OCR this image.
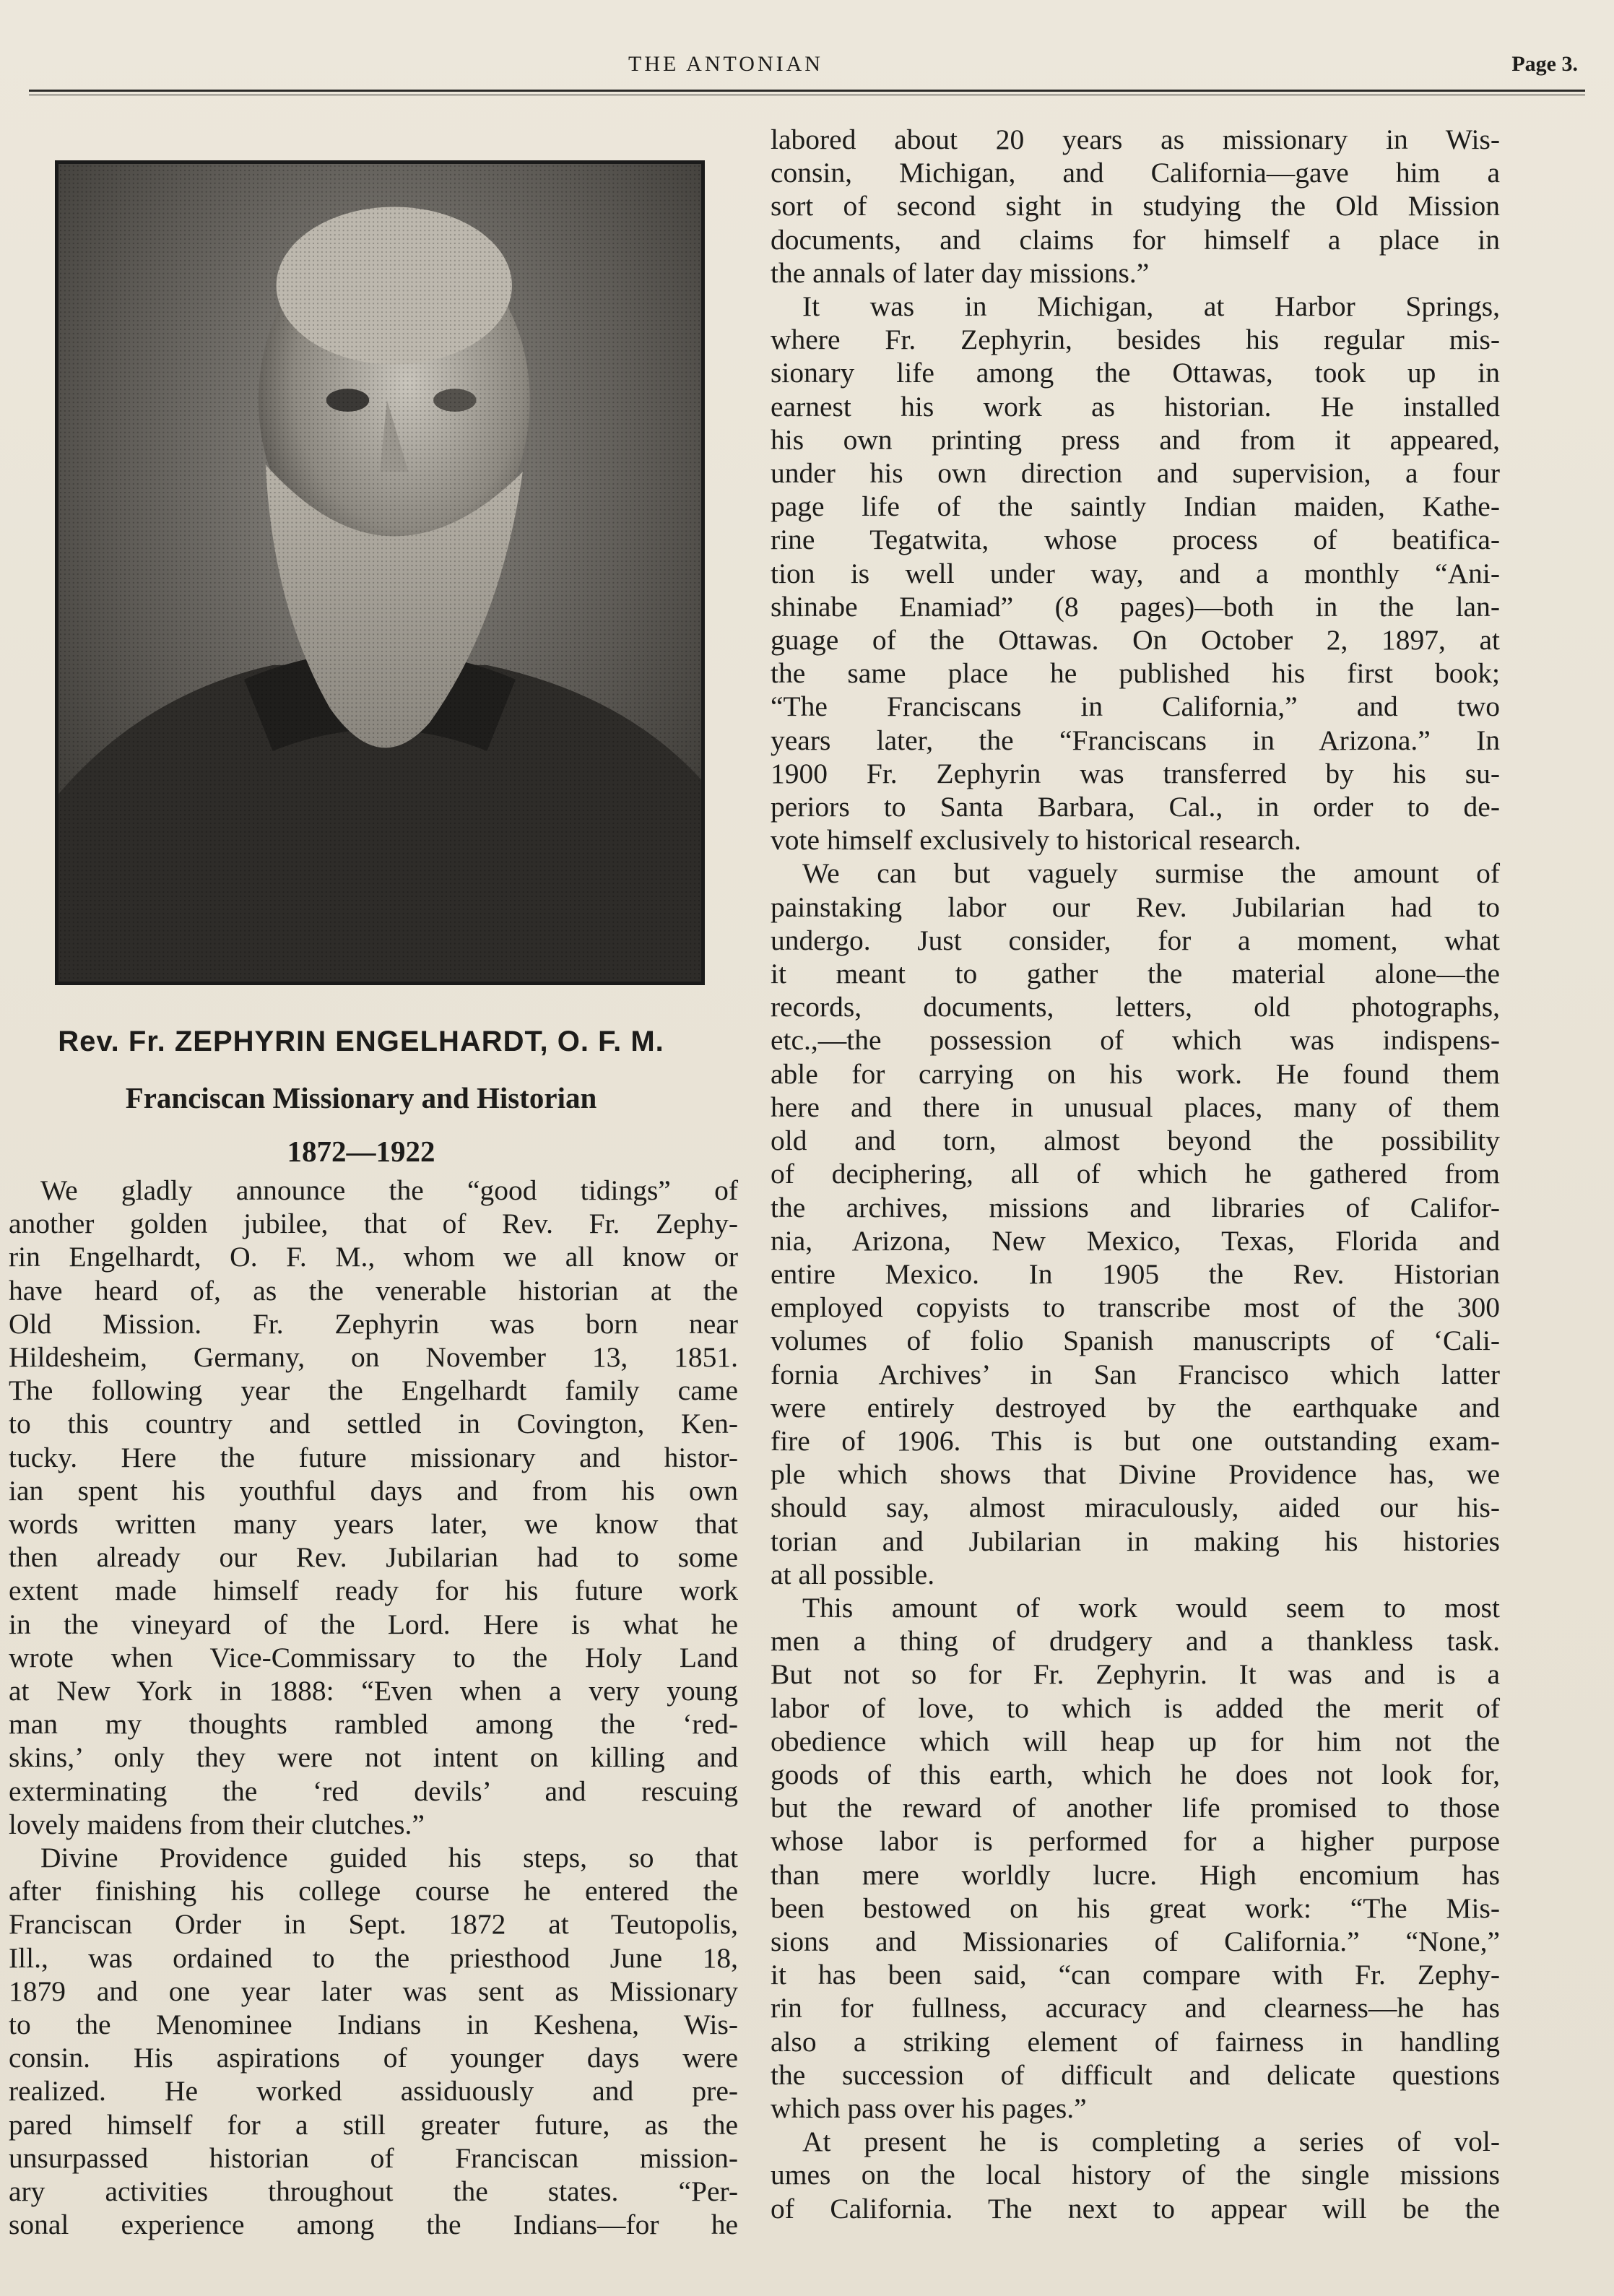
THE ANTONIAN	Page 3.
Rev. Fr. ZEPHYRIN ENGELHARDT, O. F. M.
Franciscan Missionary and Historian
1872—1922
We gladly announce the “good tidings” of
another golden jubilee, that of Rev. Fr. Zephy-
rin Engelhardt, O. F. M., whom we all know or
have heard of, as the venerable historian at the
Old Mission. Fr. Zephyrin was born near
Hildesheim, Germany, on November 13, 1851.
The following year the Engelhardt family came
to this country and settled in Covington, Ken-
tucky. Here the future missionary and histor-
ian spent his youthful days and from his own
words written many years later, we know that
then already our Rev. Jubilarian had to some
extent made himself ready for his future work
in the vineyard of the Lord. Here is what he
wrote when Vice-Commissary to the Holy Land
at New York in 1888: “Even when a very young
man my thoughts rambled among the ‘red-
skins,’ only they were not intent on killing and
exterminating the ‘red devils’ and rescuing
lovely maidens from their clutches.”
Divine Providence guided his steps, so that
after finishing his college course he entered the
Franciscan Order in Sept. 1872 at Teutopolis,
Ill., was ordained to the priesthood June 18,
1879 and one year later was sent as Missionary
to the Menominee Indians in Keshena, Wis-
consin. His aspirations of younger days were
realized. He worked assiduously and pre-
pared himself for a still greater future, as the
unsurpassed historian of Franciscan mission-
ary activities throughout the states. “Per-
sonal experience among the Indians—for he
labored about 20 years as missionary in Wis-
consin, Michigan, and California—gave him a
sort of second sight in studying the Old Mission
documents, and claims for himself a place in
the annals of later day missions.”
It was in Michigan, at Harbor Springs,
where Fr. Zephyrin, besides his regular mis-
sionary life among the Ottawas, took up in
earnest his work as historian. He installed
his own printing press and from it appeared,
under his own direction and supervision, a four
page life of the saintly Indian maiden, Kathe-
rine Tegatwita, whose process of beatifica-
tion is well under way, and a monthly “Ani-
shinabe Enamiad” (8 pages)—both in the lan-
guage of the Ottawas. On October 2, 1897, at
the same place he published his first book;
“The Franciscans in California,” and two
years later, the “Franciscans in Arizona.” In
1900 Fr. Zephyrin was transferred by his su-
periors to Santa Barbara, Cal., in order to de-
vote himself exclusively to historical research.
We can but vaguely surmise the amount of
painstaking labor our Rev. Jubilarian had to
undergo. Just consider, for a moment, what
it meant to gather the material alone—the
records, documents, letters, old photographs,
etc.,—the possession of which was indispens-
able for carrying on his work. He found them
here and there in unusual places, many of them
old and torn, almost beyond the possibility
of deciphering, all of which he gathered from
the archives, missions and libraries of Califor-
nia, Arizona, New Mexico, Texas, Florida and
entire Mexico. In 1905 the Rev. Historian
employed copyists to transcribe most of the 300
volumes of folio Spanish manuscripts of ‘Cali-
fornia Archives’ in San Francisco which latter
were entirely destroyed by the earthquake and
fire of 1906. This is but one outstanding exam-
ple which shows that Divine Providence has, we
should say, almost miraculously, aided our his-
torian and Jubilarian in making his histories
at all possible.
This amount of work would seem to most
men a thing of drudgery and a thankless task.
But not so for Fr. Zephyrin. It was and is a
labor of love, to which is added the merit of
obedience which will heap up for him not the
goods of this earth, which he does not look for,
but the reward of another life promised to those
whose labor is performed for a higher purpose
than mere worldly lucre. High encomium has
been bestowed on his great work: “The Mis-
sions and Missionaries of California.” “None,”
it has been said, “can compare with Fr. Zephy-
rin for fullness, accuracy and clearness—he has
also a striking element of fairness in handling
the succession of difficult and delicate questions
which pass over his pages.”
At present he is completing a series of vol-
umes on the local history of the single missions
of California. The next to appear will be the
